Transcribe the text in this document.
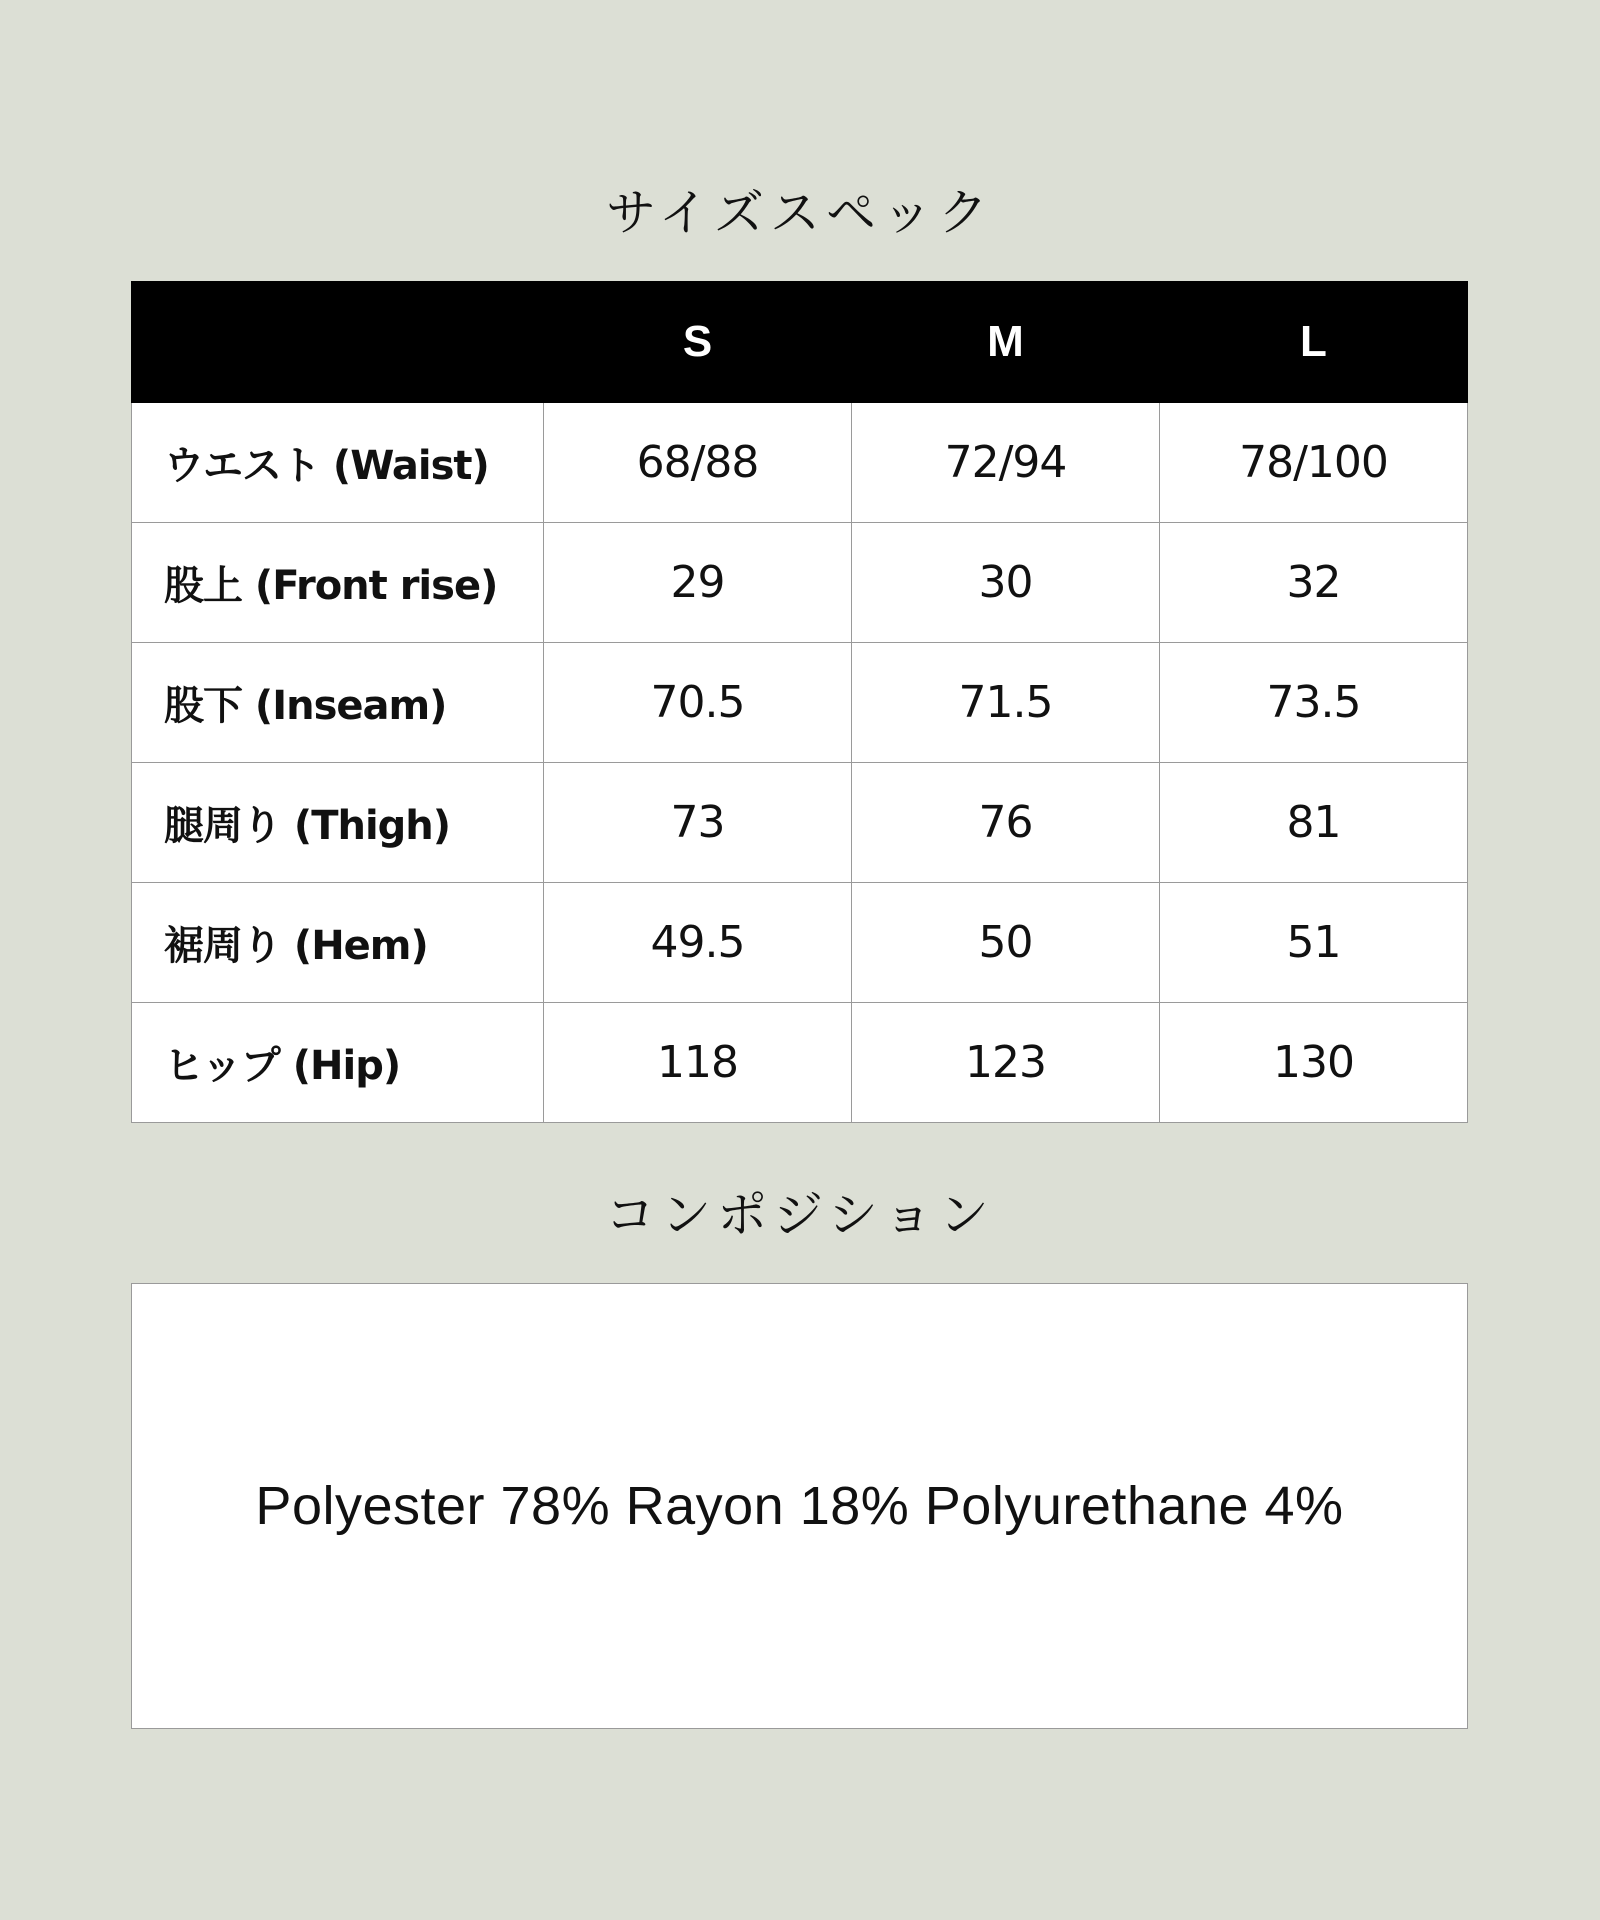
サイズスペック
	S	M	L
ウエスト (Waist)	68/88	72/94	78/100
股上 (Front rise)	29	30	32
股下 (Inseam)	70.5	71.5	73.5
腿周り (Thigh)	73	76	81
裾周り (Hem)	49.5	50	51
ヒップ (Hip)	118	123	130
コンポジション
Polyester 78% Rayon 18% Polyurethane 4%
